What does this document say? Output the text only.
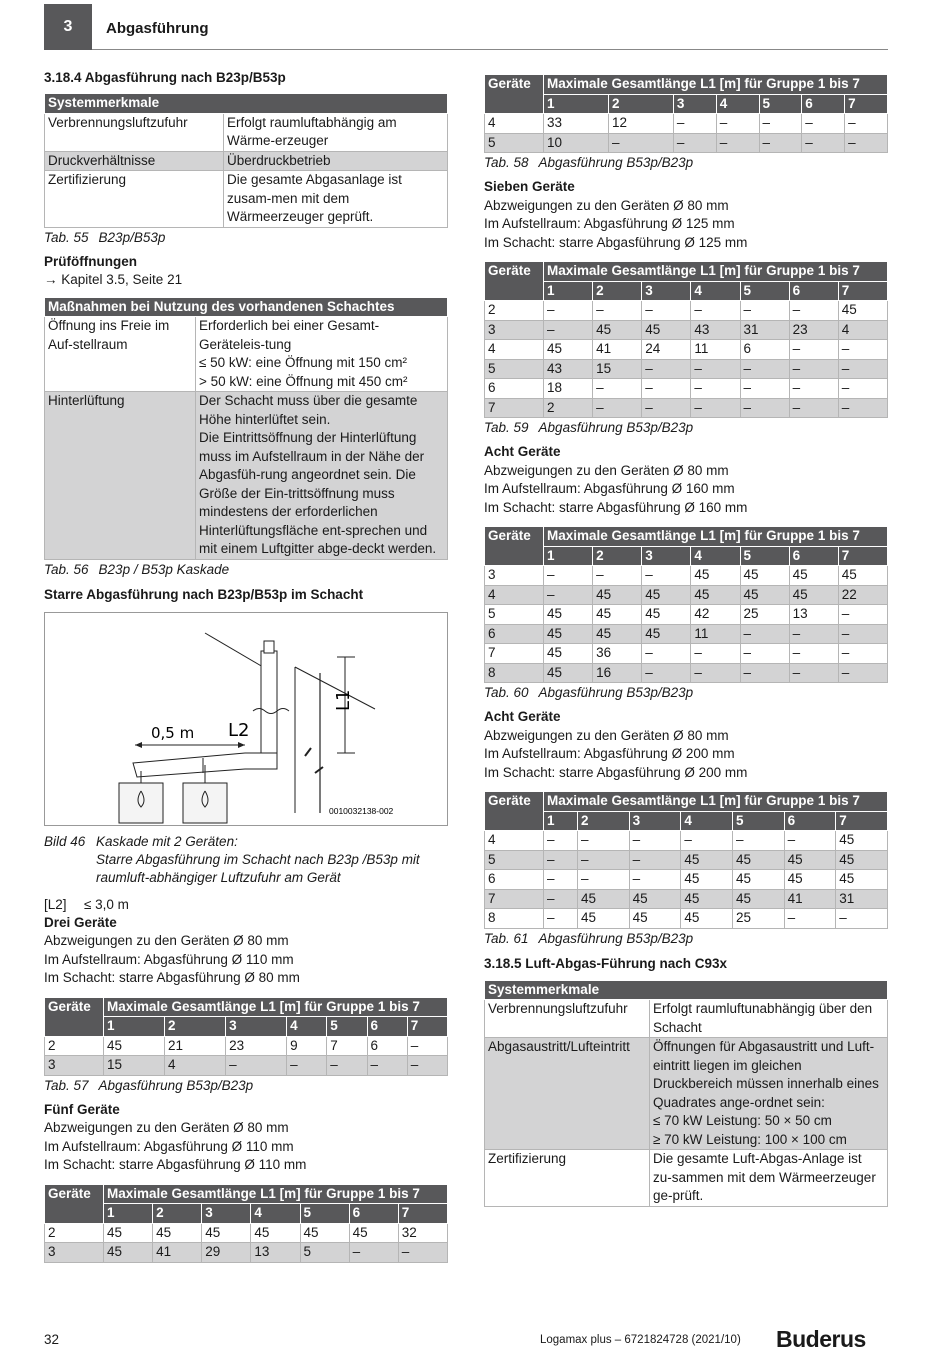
3	Abgasführung
3.18.4 Abgasführung nach B23p/B53p
Systemmerkmale	
Verbrennungsluftzufuhr	Erfolgt raumluftabhängig am Wärme-erzeuger
Druckverhältnisse	Überdruckbetrieb
Zertifizierung	Die gesamte Abgasanlage ist zusam-men mit dem Wärmeerzeuger geprüft.
Tab. 55 B23p/B53p
Prüföffnungen
→ Kapitel 3.5, Seite 21
Maßnahmen bei Nutzung des vorhandenen Schachtes	
Öffnung ins Freie im Auf-stellraum	Erforderlich bei einer Gesamt-Geräteleis-tung
≤ 50 kW: eine Öffnung mit 150 cm²
> 50 kW: eine Öffnung mit 450 cm²

Hinterlüftung	Der Schacht muss über die gesamte Höhe hinterlüftet sein.
Die Eintrittsöffnung der Hinterlüftung muss im Aufstellraum in der Nähe der Abgasfüh-rung angeordnet sein. Die Größe der Ein-trittsöffnung muss mindestens der erforderlichen Hinterlüftungsfläche ent-sprechen und mit einem Luftgitter abge-deckt werden.
Tab. 56 B23p / B53p Kaskade
Starre Abgasführung nach B23p/B53p im Schacht
0,5 m L2
L1
0010032138-002
Bild 46 Kaskade mit 2 Geräten:
Starre Abgasführung im Schacht nach B23p /B53p mit raumluft-abhängiger Luftzufuhr am Gerät
[L2]	≤ 3,0 m
Drei Geräte
Abzweigungen zu den Geräten Ø 80 mm
Im Aufstellraum: Abgasführung Ø 110 mm
Im Schacht: starre Abgasführung Ø 80 mm
Geräte	Maximale Gesamtlänge L1 [m] für Gruppe 1 bis 7						
	1	2	3	4	5	6	7
2	45	21	23	9	7	6	–
3	15	4	–	–	–	–	–
Tab. 57 Abgasführung B53p/B23p
Fünf Geräte
Abzweigungen zu den Geräten Ø 80 mm
Im Aufstellraum: Abgasführung Ø 110 mm
Im Schacht: starre Abgasführung Ø 110 mm
Geräte	Maximale Gesamtlänge L1 [m] für Gruppe 1 bis 7						
	1	2	3	4	5	6	7
2	45	45	45	45	45	45	32
3	45	41	29	13	5	–	–
Geräte	Maximale Gesamtlänge L1 [m] für Gruppe 1 bis 7						
	1	2	3	4	5	6	7
4	33	12	–	–	–	–	–
5	10	–	–	–	–	–	–
Tab. 58 Abgasführung B53p/B23p
Sieben Geräte
Abzweigungen zu den Geräten Ø 80 mm
Im Aufstellraum: Abgasführung Ø 125 mm
Im Schacht: starre Abgasführung Ø 125 mm
Geräte	Maximale Gesamtlänge L1 [m] für Gruppe 1 bis 7						
	1	2	3	4	5	6	7
2	–	–	–	–	–	–	45
3	–	45	45	43	31	23	4
4	45	41	24	11	6	–	–
5	43	15	–	–	–	–	–
6	18	–	–	–	–	–	–
7	2	–	–	–	–	–	–
Tab. 59 Abgasführung B53p/B23p
Acht Geräte
Abzweigungen zu den Geräten Ø 80 mm
Im Aufstellraum: Abgasführung Ø 160 mm
Im Schacht: starre Abgasführung Ø 160 mm
Geräte	Maximale Gesamtlänge L1 [m] für Gruppe 1 bis 7						
	1	2	3	4	5	6	7
3	–	–	–	45	45	45	45
4	–	45	45	45	45	45	22
5	45	45	45	42	25	13	–
6	45	45	45	11	–	–	–
7	45	36	–	–	–	–	–
8	45	16	–	–	–	–	–
Tab. 60 Abgasführung B53p/B23p
Acht Geräte
Abzweigungen zu den Geräten Ø 80 mm
Im Aufstellraum: Abgasführung Ø 200 mm
Im Schacht: starre Abgasführung Ø 200 mm
Geräte	Maximale Gesamtlänge L1 [m] für Gruppe 1 bis 7						
	1	2	3	4	5	6	7
4	–	–	–	–	–	–	45
5	–	–	–	45	45	45	45
6	–	–	–	45	45	45	45
7	–	45	45	45	45	41	31
8	–	45	45	45	25	–	–
Tab. 61 Abgasführung B53p/B23p
3.18.5 Luft-Abgas-Führung nach C93x
Systemmerkmale	
Verbrennungsluftzufuhr	Erfolgt raumluftunabhängig über den Schacht
Abgasaustritt/Lufteintritt	Öffnungen für Abgasaustritt und Luft-eintritt liegen im gleichen Druckbereich müssen innerhalb eines Quadrates ange-ordnet sein:
≤ 70 kW Leistung: 50 × 50 cm
≥ 70 kW Leistung: 100 × 100 cm

Zertifizierung	Die gesamte Luft-Abgas-Anlage ist zu-sammen mit dem Wärmeerzeuger ge-prüft.
32	Logamax plus – 6721824728 (2021/10) Buderus
